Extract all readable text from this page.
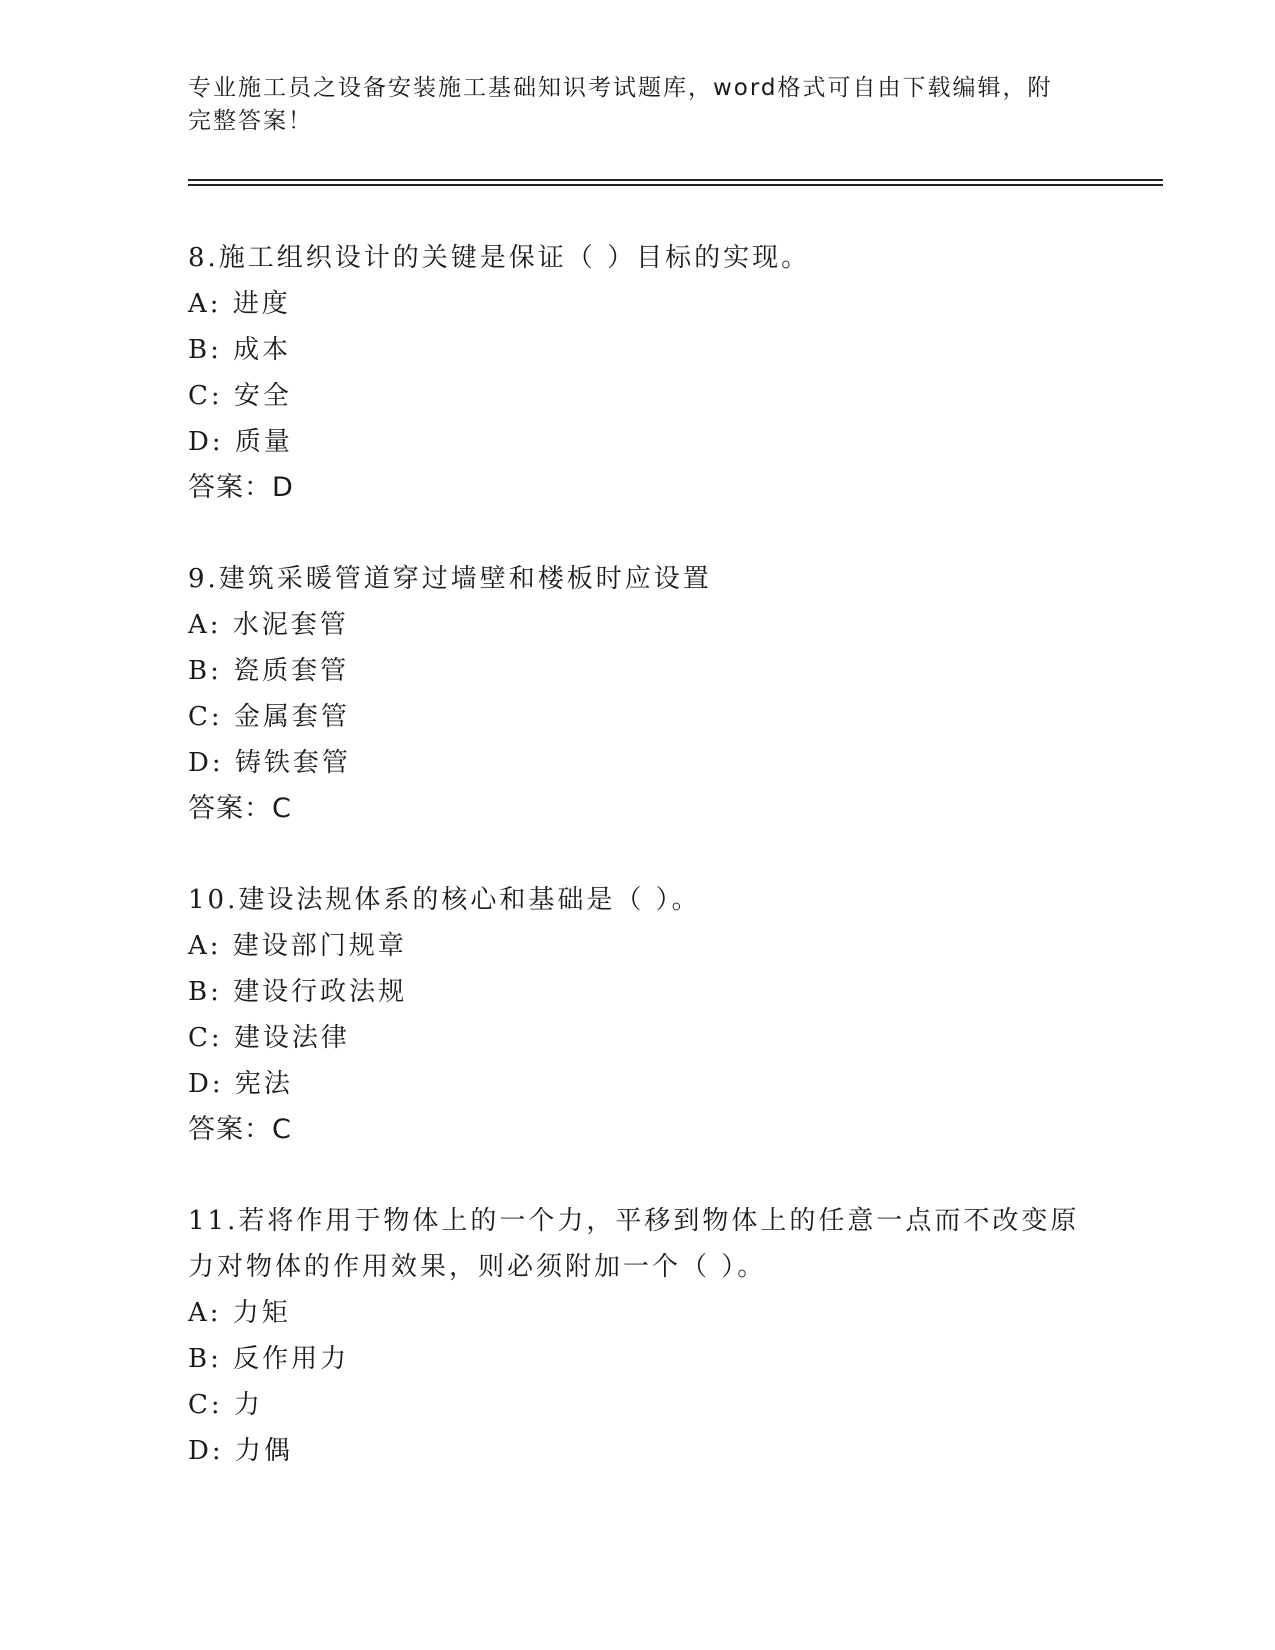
专业施工员之设备安装施工基础知识考试题库，word格式可自由下载编辑，附完整答案！

8.施工组织设计的关键是保证（ ）目标的实现。

A: 进度

B: 成本

C: 安全

D: 质量

答案：D

9.建筑采暖管道穿过墙壁和楼板时应设置

A: 水泥套管

B: 瓷质套管

C: 金属套管

D: 铸铁套管

答案：C

10.建设法规体系的核心和基础是（ ）。

A: 建设部门规章

B: 建设行政法规

C: 建设法律

D: 宪法

答案：C

11.若将作用于物体上的一个力，平移到物体上的任意一点而不改变原力对物体的作用效果，则必须附加一个（ ）。

A: 力矩

B: 反作用力

C: 力

D: 力偶
